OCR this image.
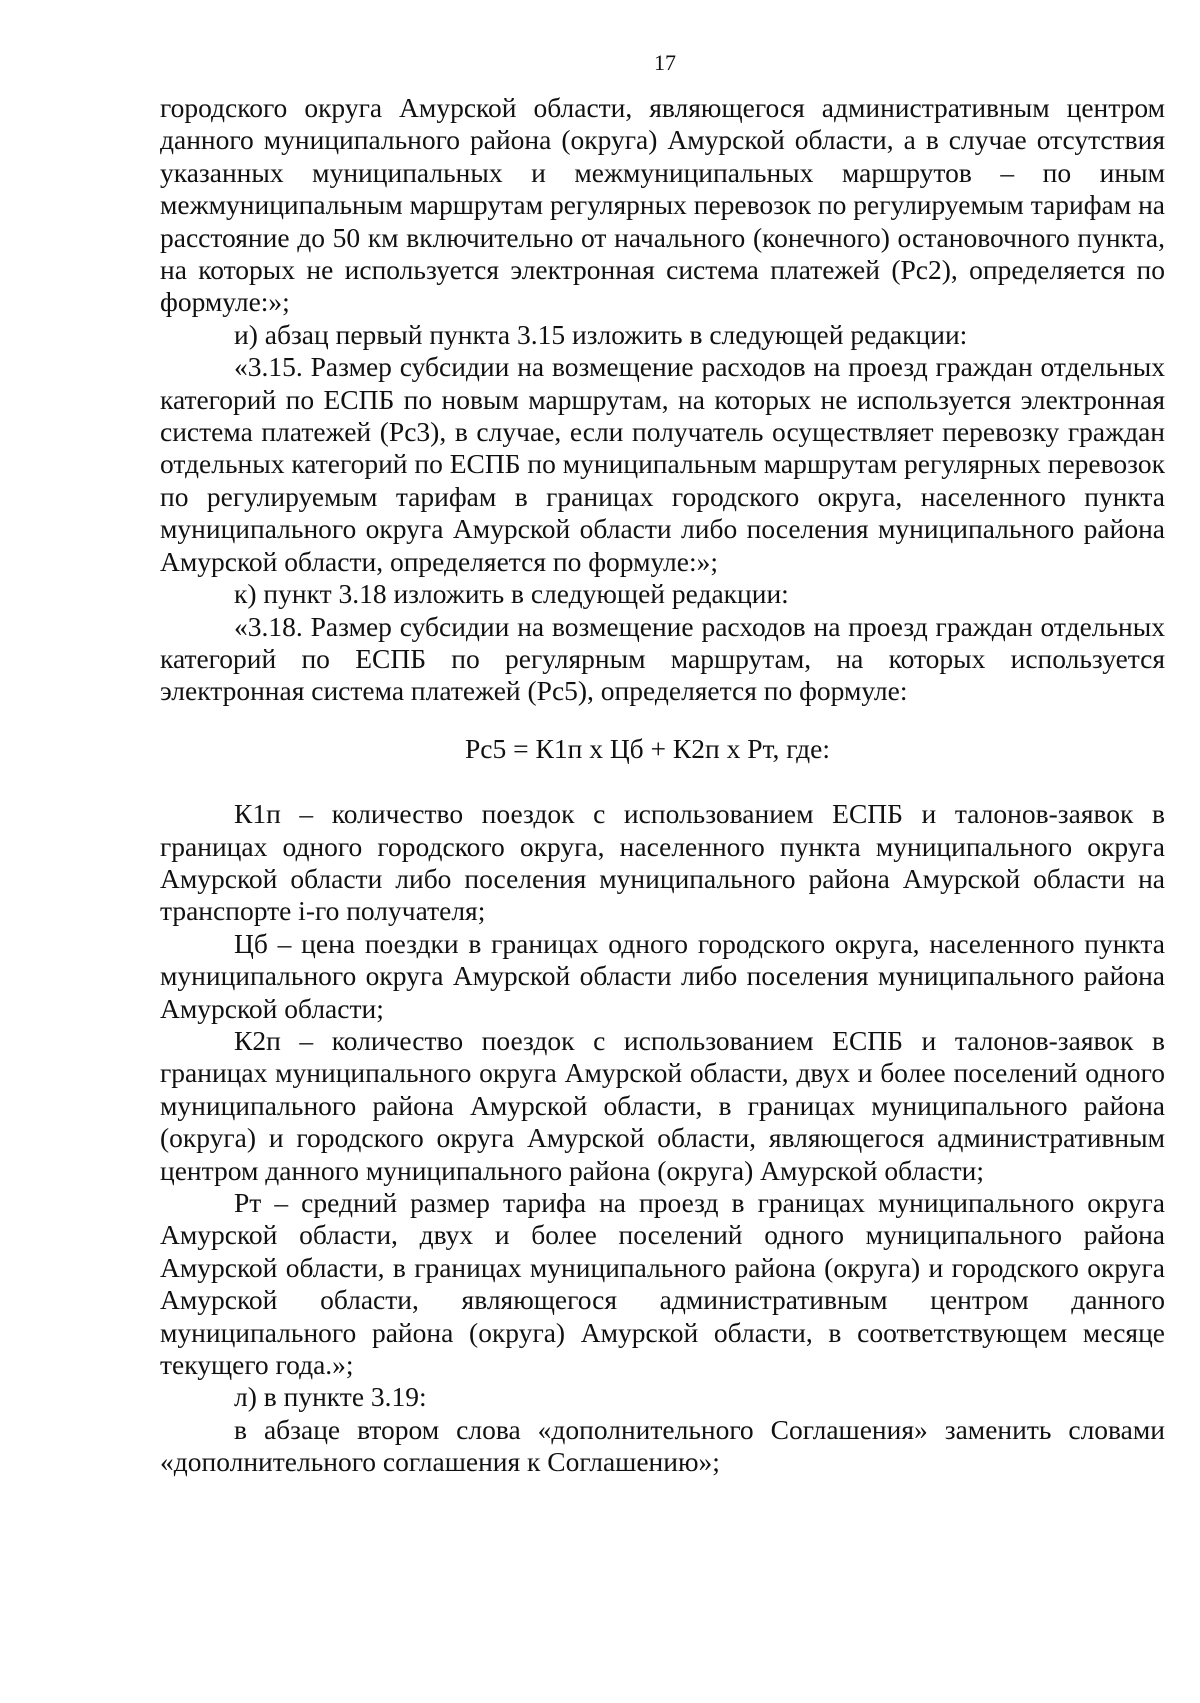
17

городского округа Амурской области, являющегося административным центром данного муниципального района (округа) Амурской области, а в случае отсутствия указанных муниципальных и межмуниципальных маршрутов – по иным межмуниципальным маршрутам регулярных перевозок по регулируемым тарифам на расстояние до 50 км включительно от начального (конечного) остановочного пункта, на которых не используется электронная система платежей (Рс2), определяется по формуле:»;

и) абзац первый пункта 3.15 изложить в следующей редакции:

«3.15. Размер субсидии на возмещение расходов на проезд граждан отдельных категорий по ЕСПБ по новым маршрутам, на которых не используется электронная система платежей (Рс3), в случае, если получатель осуществляет перевозку граждан отдельных категорий по ЕСПБ по муниципальным маршрутам регулярных перевозок по регулируемым тарифам в границах городского округа, населенного пункта муниципального округа Амурской области либо поселения муниципального района Амурской области, определяется по формуле:»;

к) пункт 3.18 изложить в следующей редакции:

«3.18. Размер субсидии на возмещение расходов на проезд граждан отдельных категорий по ЕСПБ по регулярным маршрутам, на которых используется электронная система платежей (Рс5), определяется по формуле:

Рс5 = К1п х Цб + К2п х Рт, где:

К1п – количество поездок с использованием ЕСПБ и талонов-заявок в границах одного городского округа, населенного пункта муниципального округа Амурской области либо поселения муниципального района Амурской области на транспорте i-го получателя;

Цб – цена поездки в границах одного городского округа, населенного пункта муниципального округа Амурской области либо поселения муниципального района Амурской области;

К2п – количество поездок с использованием ЕСПБ и талонов-заявок в границах муниципального округа Амурской области, двух и более поселений одного муниципального района Амурской области, в границах муниципального района (округа) и городского округа Амурской области, являющегося административным центром данного муниципального района (округа) Амурской области;

Рт – средний размер тарифа на проезд в границах муниципального округа Амурской области, двух и более поселений одного муниципального района Амурской области, в границах муниципального района (округа) и городского округа Амурской области, являющегося административным центром данного муниципального района (округа) Амурской области, в соответствующем месяце текущего года.»;

л) в пункте 3.19:

в абзаце втором слова «дополнительного Соглашения» заменить словами «дополнительного соглашения к Соглашению»;
